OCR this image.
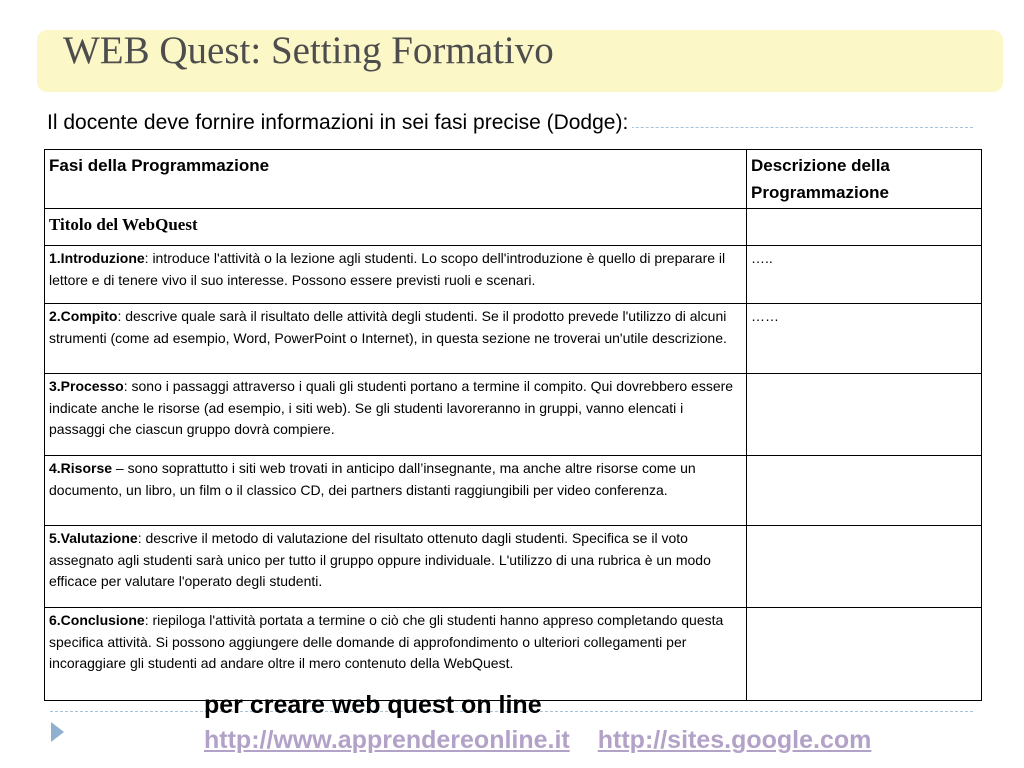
WEB Quest: Setting Formativo
Il docente deve fornire informazioni in sei fasi precise (Dodge):
Fasi della Programmazione	Descrizione della Programmazione
Titolo del WebQuest	
1.Introduzione: introduce l'attività o la lezione agli studenti. Lo scopo dell'introduzione è quello di preparare il lettore e di tenere vivo il suo interesse. Possono essere previsti ruoli e scenari.	…..
2.Compito: descrive quale sarà il risultato delle attività degli studenti. Se il prodotto prevede l'utilizzo di alcuni strumenti (come ad esempio, Word, PowerPoint o Internet), in questa sezione ne troverai un'utile descrizione.	……
3.Processo: sono i passaggi attraverso i quali gli studenti portano a termine il compito. Qui dovrebbero essere indicate anche le risorse (ad esempio, i siti web). Se gli studenti lavoreranno in gruppi, vanno elencati i passaggi che ciascun gruppo dovrà compiere.	
4.Risorse – sono soprattutto i siti web trovati in anticipo dall’insegnante, ma anche altre risorse come un documento, un libro, un film o il classico CD, dei partners distanti raggiungibili per video conferenza.	
5.Valutazione: descrive il metodo di valutazione del risultato ottenuto dagli studenti. Specifica se il voto assegnato agli studenti sarà unico per tutto il gruppo oppure individuale. L'utilizzo di una rubrica è un modo efficace per valutare l'operato degli studenti.	
6.Conclusione: riepiloga l'attività portata a termine o ciò che gli studenti hanno appreso completando questa specifica attività. Si possono aggiungere delle domande di approfondimento o ulteriori collegamenti per incoraggiare gli studenti ad andare oltre il mero contenuto della WebQuest.	
per creare web quest on line
http://www.apprendereonline.it http://sites.google.com
